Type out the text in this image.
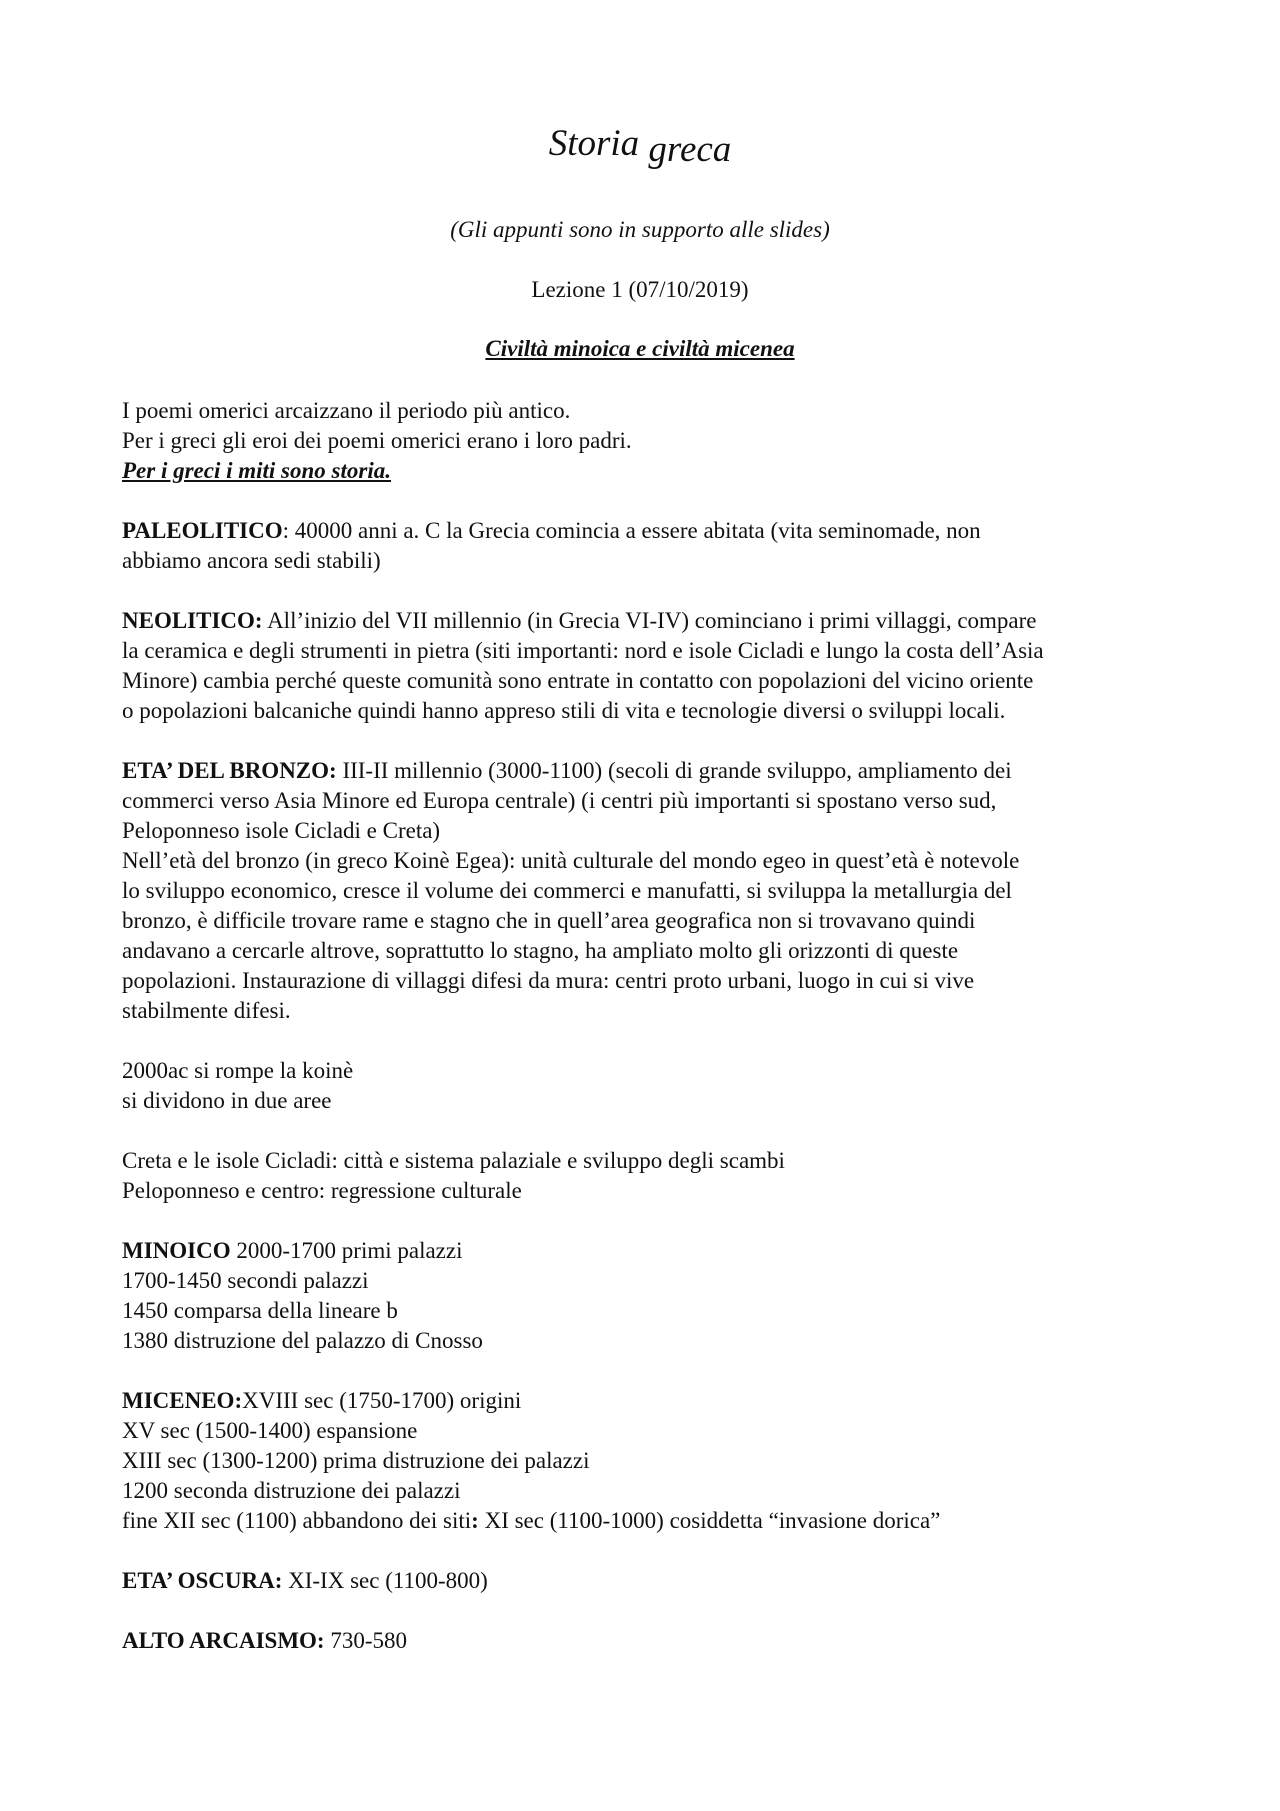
Storia greca
(Gli appunti sono in supporto alle slides)
Lezione 1 (07/10/2019)
Civiltà minoica e civiltà micenea
I poemi omerici arcaizzano il periodo più antico.
Per i greci gli eroi dei poemi omerici erano i loro padri.
Per i greci i miti sono storia.
PALEOLITICO: 40000 anni a. C la Grecia comincia a essere abitata (vita seminomade, non
abbiamo ancora sedi stabili)
NEOLITICO: All’inizio del VII millennio (in Grecia VI-IV) cominciano i primi villaggi, compare
la ceramica e degli strumenti in pietra (siti importanti: nord e isole Cicladi e lungo la costa dell’Asia
Minore) cambia perché queste comunità sono entrate in contatto con popolazioni del vicino oriente
o popolazioni balcaniche quindi hanno appreso stili di vita e tecnologie diversi o sviluppi locali.
ETA’ DEL BRONZO: III-II millennio (3000-1100) (secoli di grande sviluppo, ampliamento dei
commerci verso Asia Minore ed Europa centrale) (i centri più importanti si spostano verso sud,
Peloponneso isole Cicladi e Creta)
Nell’età del bronzo (in greco Koinè Egea): unità culturale del mondo egeo in quest’età è notevole
lo sviluppo economico, cresce il volume dei commerci e manufatti, si sviluppa la metallurgia del
bronzo, è difficile trovare rame e stagno che in quell’area geografica non si trovavano quindi
andavano a cercarle altrove, soprattutto lo stagno, ha ampliato molto gli orizzonti di queste
popolazioni. Instaurazione di villaggi difesi da mura: centri proto urbani, luogo in cui si vive
stabilmente difesi.
2000ac si rompe la koinè
si dividono in due aree
Creta e le isole Cicladi: città e sistema palaziale e sviluppo degli scambi
Peloponneso e centro: regressione culturale
MINOICO 2000-1700 primi palazzi
1700-1450 secondi palazzi
1450 comparsa della lineare b
1380 distruzione del palazzo di Cnosso
MICENEO:XVIII sec (1750-1700) origini
XV sec (1500-1400) espansione
XIII sec (1300-1200) prima distruzione dei palazzi
1200 seconda distruzione dei palazzi
fine XII sec (1100) abbandono dei siti: XI sec (1100-1000) cosiddetta “invasione dorica”
ETA’ OSCURA: XI-IX sec (1100-800)
ALTO ARCAISMO: 730-580
